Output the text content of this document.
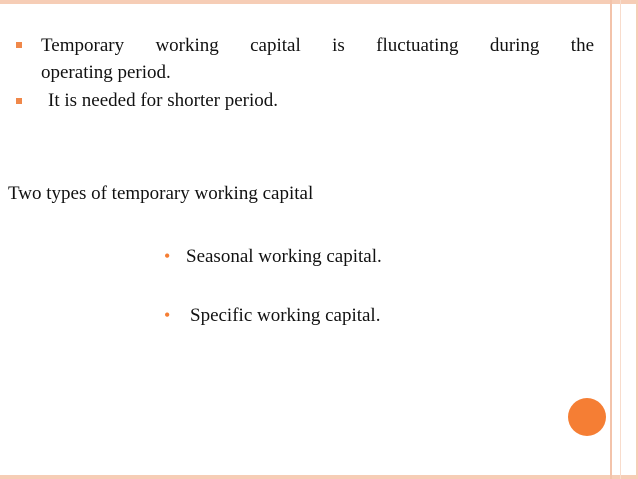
Temporary working capital is fluctuating during the
operating period.
It is needed for shorter period.
Two types of temporary working capital
• Seasonal working capital.
• Specific working capital.
